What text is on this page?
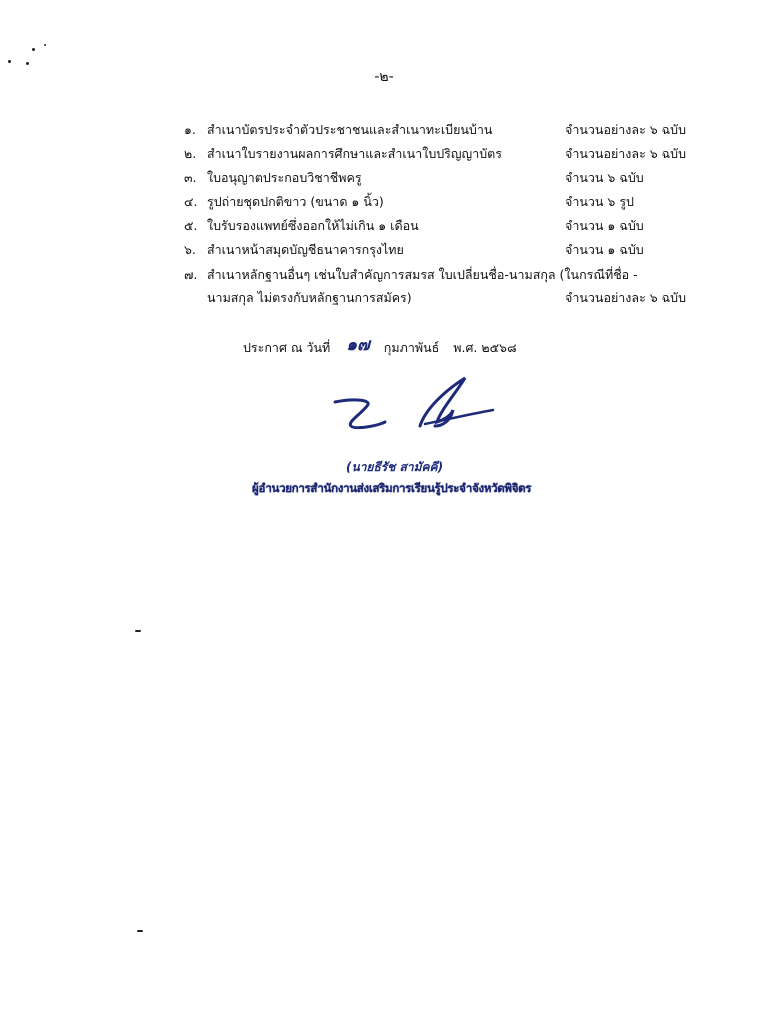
-๒-
๑. สำเนาบัตรประจำตัวประชาชนและสำเนาทะเบียนบ้าน	จำนวนอย่างละ ๖ ฉบับ
๒. สำเนาใบรายงานผลการศึกษาและสำเนาใบปริญญาบัตร	จำนวนอย่างละ ๖ ฉบับ
๓. ใบอนุญาตประกอบวิชาชีพครู	จำนวน ๖ ฉบับ
๔. รูปถ่ายชุดปกติขาว (ขนาด ๑ นิ้ว)	จำนวน ๖ รูป
๕. ใบรับรองแพทย์ซึ่งออกให้ไม่เกิน ๑ เดือน	จำนวน ๑ ฉบับ
๖. สำเนาหน้าสมุดบัญชีธนาคารกรุงไทย	จำนวน ๑ ฉบับ
๗. สำเนาหลักฐานอื่นๆ เช่นใบสำคัญการสมรส ใบเปลี่ยนชื่อ-นามสกุล (ในกรณีที่ชื่อ -
นามสกุล ไม่ตรงกับหลักฐานการสมัคร)	จำนวนอย่างละ ๖ ฉบับ
ประกาศ ณ วันที่ ๑๗ กุมภาพันธ์ พ.ศ. ๒๕๖๘
(นายธีรัช สามัคคี)
ผู้อำนวยการสำนักงานส่งเสริมการเรียนรู้ประจำจังหวัดพิจิตร
